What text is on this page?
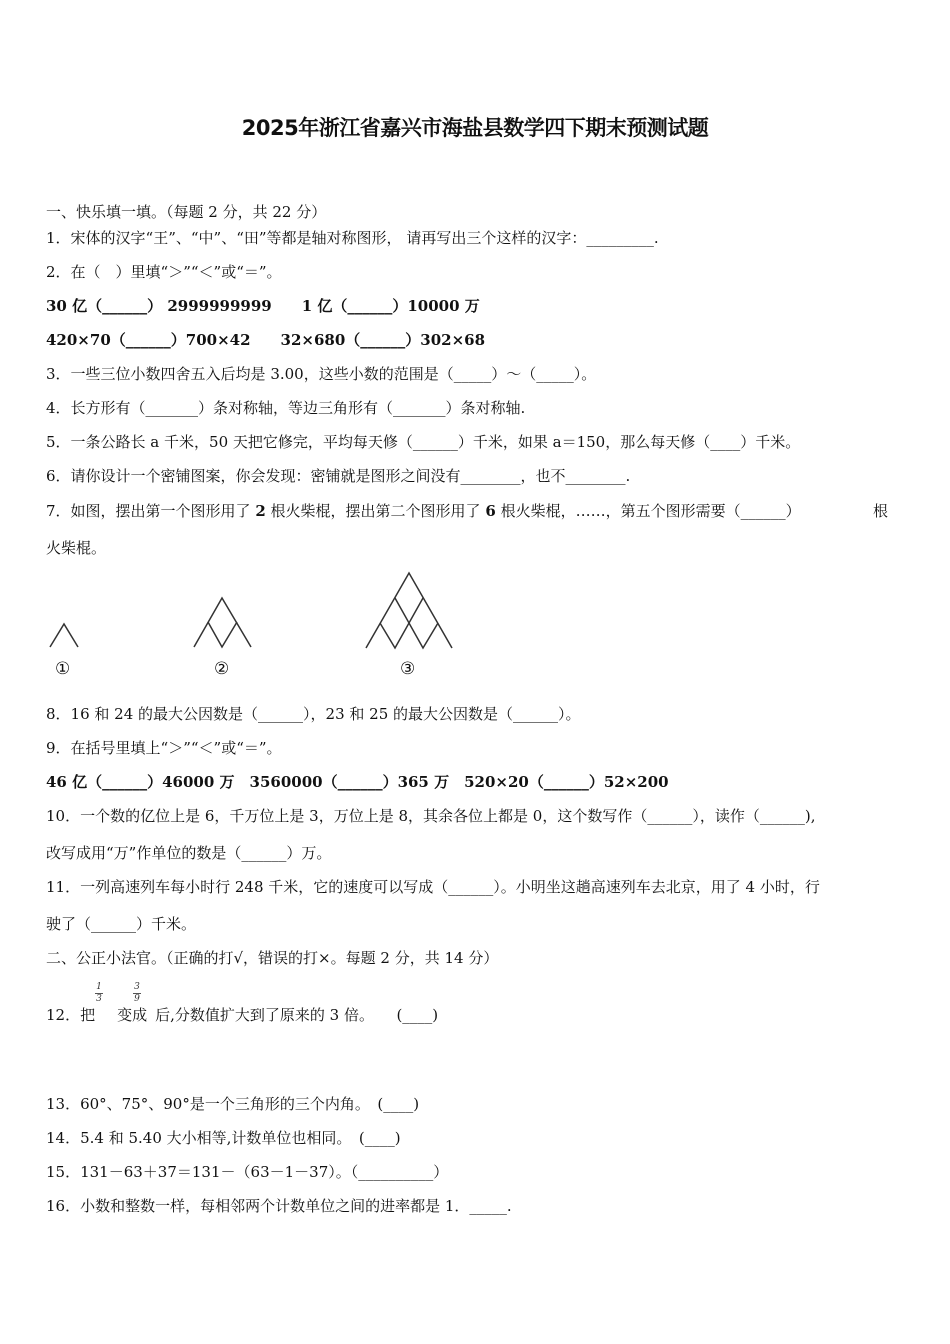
2025年浙江省嘉兴市海盐县数学四下期末预测试题
一、快乐填一填。（每题 2 分，共 22 分）
1．宋体的汉字“王”、“中”、“田”等都是轴对称图形， 请再写出三个这样的汉字：_________.
2．在（　）里填“＞”“＜”或“＝”。
30 亿（______） 2999999999　　1 亿（______）10000 万
420×70（______）700×42　　32×680（______）302×68
3．一些三位小数四舍五入后均是 3.00，这些小数的范围是（_____）～（_____）。
4．长方形有（_______）条对称轴，等边三角形有（_______）条对称轴.
5．一条公路长 a 千米，50 天把它修完，平均每天修（______）千米，如果 a＝150，那么每天修（____）千米。
6．请你设计一个密铺图案，你会发现：密铺就是图形之间没有________，也不________.
7．如图，摆出第一个图形用了 2 根火柴棍，摆出第二个图形用了 6 根火柴棍，……，第五个图形需要（______）	根
火柴棍。
①	②	③
8．16 和 24 的最大公因数是（______），23 和 25 的最大公因数是（______）。
9．在括号里填上“＞”“＜”或“＝”。
46 亿（______）46000 万　3560000（______）365 万　520×20（______）52×200
10．一个数的亿位上是 6，千万位上是 3，万位上是 8，其余各位上都是 0，这个数写作（______），读作（______),
改写成用“万”作单位的数是（______）万。
11．一列高速列车每小时行 248 千米，它的速度可以写成（______）。小明坐这趟高速列车去北京，用了 4 小时，行
驶了（______）千米。
二、公正小法官。（正确的打√，错误的打×。每题 2 分，共 14 分）
1
3
3
9
12．把 变成 后,分数值扩大到了原来的 3 倍。　　(____)
13．60°、75°、90°是一个三角形的三个内角。　(____)
14．5.4 和 5.40 大小相等,计数单位也相同。　(____)
15．131－63＋37＝131－（63－1－37）。（__________）
16．小数和整数一样，每相邻两个计数单位之间的进率都是 1．_____.
